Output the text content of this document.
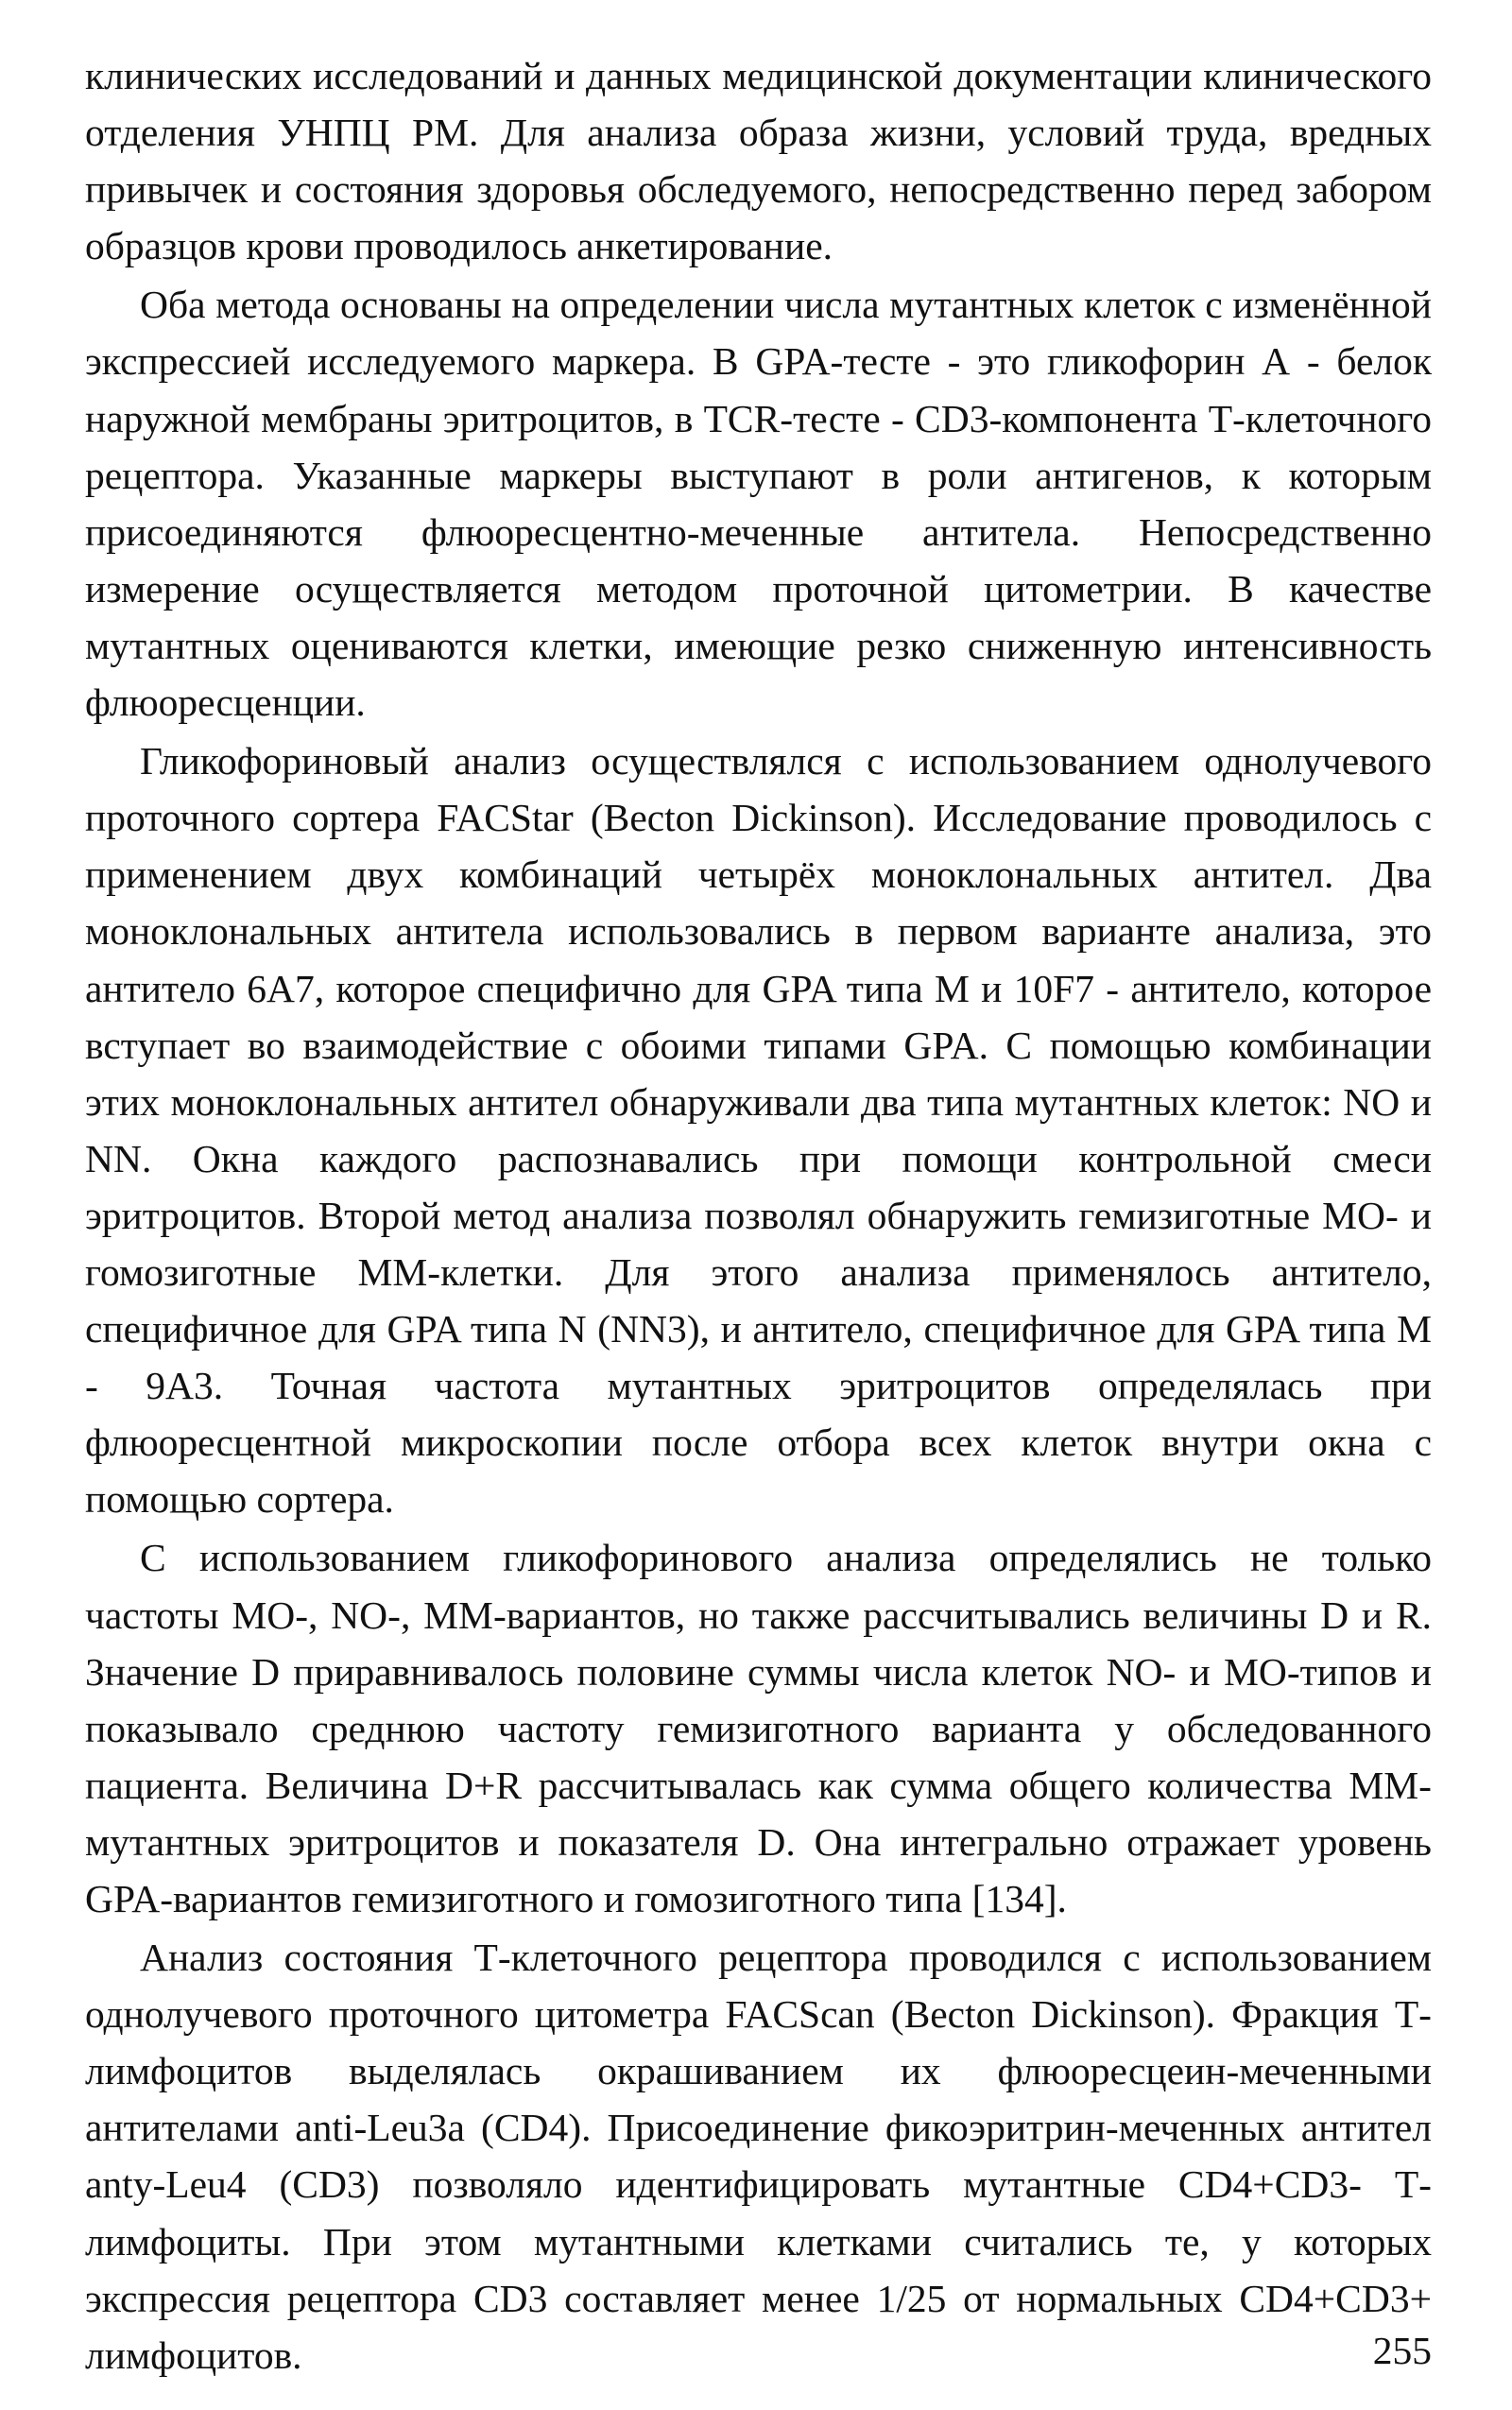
клинических исследований и данных медицинской документации клинического отделения УНПЦ РМ. Для анализа образа жизни, условий труда, вредных привычек и состояния здоровья обследуемого, непосредственно перед забором образцов крови проводилось анкетирование.

Оба метода основаны на определении числа мутантных клеток с изменённой экспрессией исследуемого маркера. В GPA-тесте - это гликофорин А - белок наружной мембраны эритроцитов, в TCR-тесте - CD3-компонента Т-клеточного рецептора. Указанные маркеры выступают в роли антигенов, к которым присоединяются флюоресцентно-меченные антитела. Непосредственно измерение осуществляется методом проточной цитометрии. В качестве мутантных оцениваются клетки, имеющие резко сниженную интенсивность флюоресценции.

Гликофориновый анализ осуществлялся с использованием однолучевого проточного сортера FACStar (Becton Dickinson). Исследование проводилось с применением двух комбинаций четырёх моноклональных антител. Два моноклональных антитела использовались в первом варианте анализа, это антитело 6А7, которое специфично для GPA типа М и 10F7 - антитело, которое вступает во взаимодействие с обоими типами GPA. С помощью комбинации этих моноклональных антител обнаруживали два типа мутантных клеток: NO и NN. Окна каждого распознавались при помощи контрольной смеси эритроцитов. Второй метод анализа позволял обнаружить гемизиготные МО- и гомозиготные ММ-клетки. Для этого анализа применялось антитело, специфичное для GPA типа N (NN3), и антитело, специфичное для GPA типа М - 9А3. Точная частота мутантных эритроцитов определялась при флюоресцентной микроскопии после отбора всех клеток внутри окна с помощью сортера.

С использованием гликофоринового анализа определялись не только частоты МО-, NO-, ММ-вариантов, но также рассчитывались величины D и R. Значение D приравнивалось половине суммы числа клеток NO- и МО-типов и показывало среднюю частоту гемизиготного варианта у обследованного пациента. Величина D+R рассчитывалась как сумма общего количества ММ-мутантных эритроцитов и показателя D. Она интегрально отражает уровень GPA-вариантов гемизиготного и гомозиготного типа [134].

Анализ состояния Т-клеточного рецептора проводился с использованием однолучевого проточного цитометра FACScan (Becton Dickinson). Фракция Т-лимфоцитов выделялась окрашиванием их флюоресцеин-меченными антителами anti-Leu3a (CD4). Присоединение фикоэритрин-меченных антител anty-Leu4 (CD3) позволяло идентифицировать мутантные CD4+CD3- Т-лимфоциты. При этом мутантными клетками считались те, у которых экспрессия рецептора CD3 составляет менее 1/25 от нормальных CD4+CD3+ лимфоцитов.	255
